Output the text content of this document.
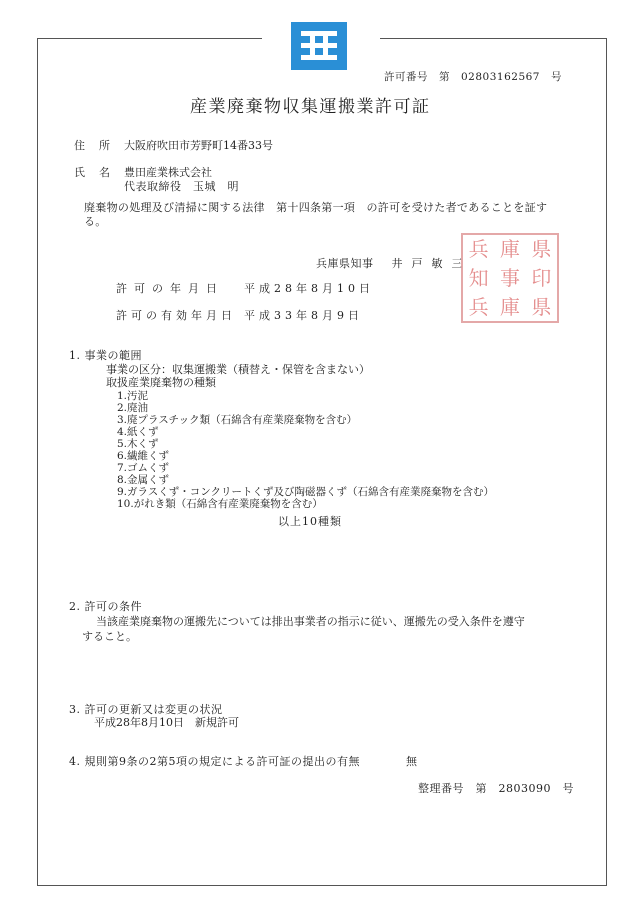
許可番号　第　02803162567　号
産業廃棄物収集運搬業許可証
住所 大阪府吹田市芳野町14番33号
氏名 豊田産業株式会社
代表取締役　玉城　明
廃棄物の処理及び清掃に関する法律　第十四条第一項　の許可を受けた者であることを証する。
兵庫県知事 井戸敏三
兵 庫 県
知 事 印
兵 庫 県
許可の年月日 平成28年8月10日
許可の有効年月日 平成33年8月9日
1. 事業の範囲
事業の区分：収集運搬業（積替え・保管を含まない）
取扱産業廃棄物の種類
1.汚泥
2.廃油
3.廃プラスチック類（石綿含有産業廃棄物を含む）
4.紙くず
5.木くず
6.繊維くず
7.ゴムくず
8.金属くず
9.ガラスくず・コンクリートくず及び陶磁器くず（石綿含有産業廃棄物を含む）
10.がれき類（石綿含有産業廃棄物を含む）
以上10種類
2. 許可の条件
当該産業廃棄物の運搬先については排出事業者の指示に従い、運搬先の受入条件を遵守すること。
3. 許可の更新又は変更の状況
平成28年8月10日　新規許可
4. 規則第9条の2第5項の規定による許可証の提出の有無	無
整理番号　第　2803090　号
